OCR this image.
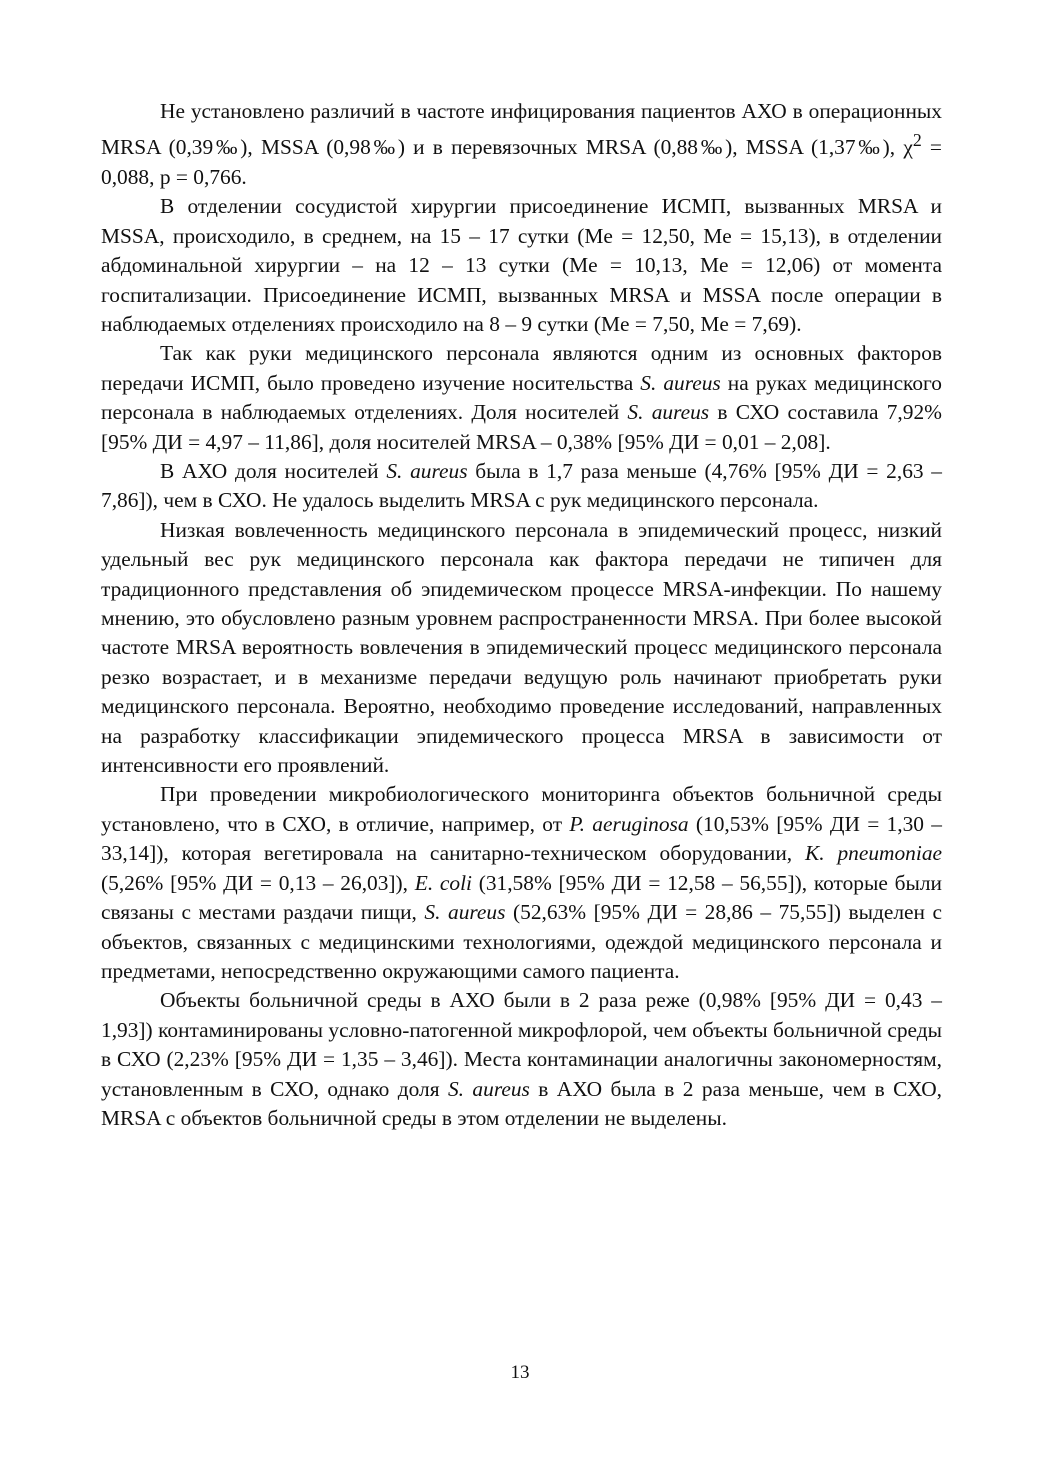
Не установлено различий в частоте инфицирования пациентов АХО в операционных MRSA (0,39‰), MSSA (0,98‰) и в перевязочных MRSA (0,88‰), MSSA (1,37‰), $\chi^2 = 0,088$, p = 0,766.

В отделении сосудистой хирургии присоединение ИСМП, вызванных MRSA и MSSA, происходило, в среднем, на 15 – 17 сутки (Me = 12,50, Me = 15,13), в отделении абдоминальной хирургии – на 12 – 13 сутки (Me = 10,13, Me = 12,06) от момента госпитализации. Присоединение ИСМП, вызванных MRSA и MSSA после операции в наблюдаемых отделениях происходило на 8 – 9 сутки (Me = 7,50, Me = 7,69).

Так как руки медицинского персонала являются одним из основных факторов передачи ИСМП, было проведено изучение носительства S. aureus на руках медицинского персонала в наблюдаемых отделениях. Доля носителей S. aureus в СХО составила 7,92% [95% ДИ = 4,97 – 11,86], доля носителей MRSA – 0,38% [95% ДИ = 0,01 – 2,08].

В АХО доля носителей S. aureus была в 1,7 раза меньше (4,76% [95% ДИ = 2,63 – 7,86]), чем в СХО. Не удалось выделить MRSA с рук медицинского персонала.

Низкая вовлеченность медицинского персонала в эпидемический процесс, низкий удельный вес рук медицинского персонала как фактора передачи не типичен для традиционного представления об эпидемическом процессе MRSA-инфекции. По нашему мнению, это обусловлено разным уровнем распространенности MRSA. При более высокой частоте MRSA вероятность вовлечения в эпидемический процесс медицинского персонала резко возрастает, и в механизме передачи ведущую роль начинают приобретать руки медицинского персонала. Вероятно, необходимо проведение исследований, направленных на разработку классификации эпидемического процесса MRSA в зависимости от интенсивности его проявлений.

При проведении микробиологического мониторинга объектов больничной среды установлено, что в СХО, в отличие, например, от P. aeruginosa (10,53% [95% ДИ = 1,30 – 33,14]), которая вегетировала на санитарно-техническом оборудовании, K. pneumoniae (5,26% [95% ДИ = 0,13 – 26,03]), E. coli (31,58% [95% ДИ = 12,58 – 56,55]), которые были связаны с местами раздачи пищи, S. aureus (52,63% [95% ДИ = 28,86 – 75,55]) выделен с объектов, связанных с медицинскими технологиями, одеждой медицинского персонала и предметами, непосредственно окружающими самого пациента.

Объекты больничной среды в АХО были в 2 раза реже (0,98% [95% ДИ = 0,43 – 1,93]) контаминированы условно-патогенной микрофлорой, чем объекты больничной среды в СХО (2,23% [95% ДИ = 1,35 – 3,46]). Места контаминации аналогичны закономерностям, установленным в СХО, однако доля S. aureus в АХО была в 2 раза меньше, чем в СХО, MRSA с объектов больничной среды в этом отделении не выделены.

13
